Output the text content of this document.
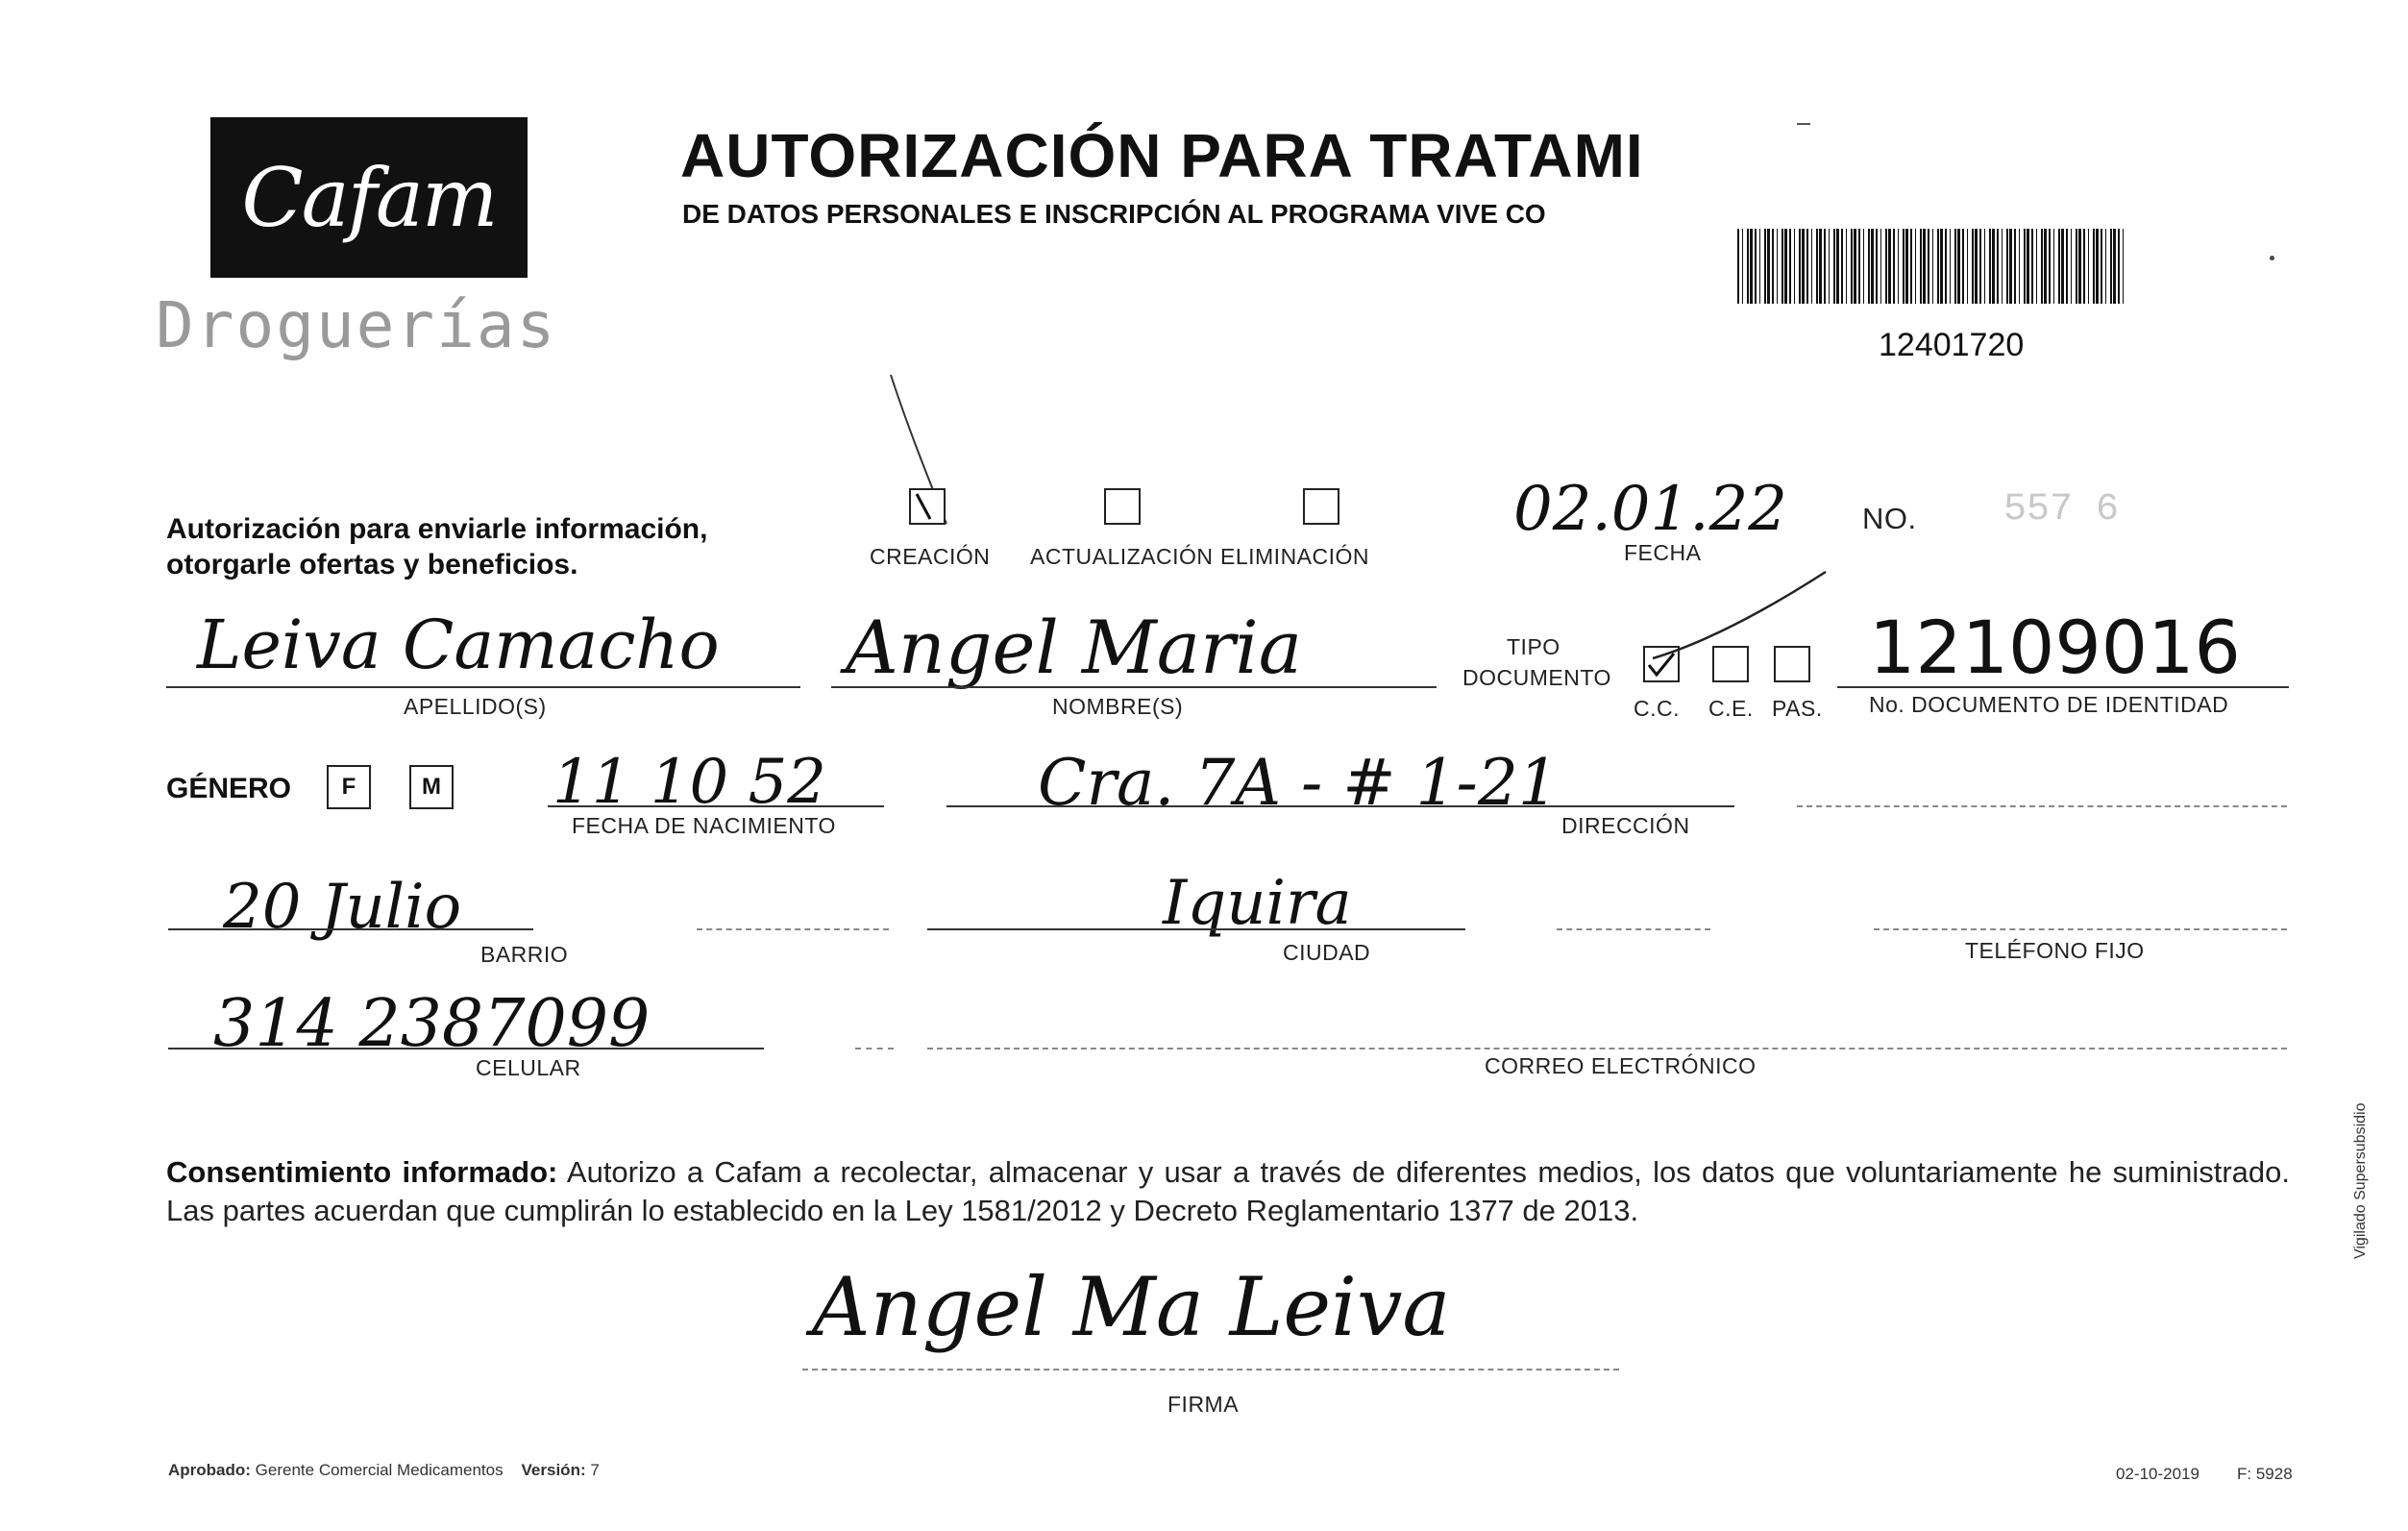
Cafam
Droguerías
AUTORIZACIÓN PARA TRATAMI
DE DATOS PERSONALES E INSCRIPCIÓN AL PROGRAMA VIVE CO
12401720
Autorización para enviarle información,
otorgarle ofertas y beneficios.	CREACIÓN ACTUALIZACIÓN ELIMINACIÓN
02.01.22
FECHA
NO. 557 6
Leiva Camacho
APELLIDO(S)
Angel Maria
NOMBRE(S)
TIPO
DOCUMENTO
C.C. C.E. PAS.
12109016
No. DOCUMENTO DE IDENTIDAD
GÉNERO	F	M 11 10 52
FECHA DE NACIMIENTO
Cra. 7A - # 1-21
DIRECCIÓN
20 Julio
BARRIO
Iquira
CIUDAD	TELÉFONO FIJO
314 2387099
CELULAR	CORREO ELECTRÓNICO
Consentimiento informado: Autorizo a Cafam a recolectar, almacenar y usar a través de diferentes medios, los datos que voluntariamente he suministrado. Las partes acuerdan que cumplirán lo establecido en la Ley 1581/2012 y Decreto Reglamentario 1377 de 2013.
Angel Ma Leiva
FIRMA
Aprobado: Gerente Comercial Medicamentos Versión: 7	02-10-2019 F: 5928
Vigilado Supersubsidio
